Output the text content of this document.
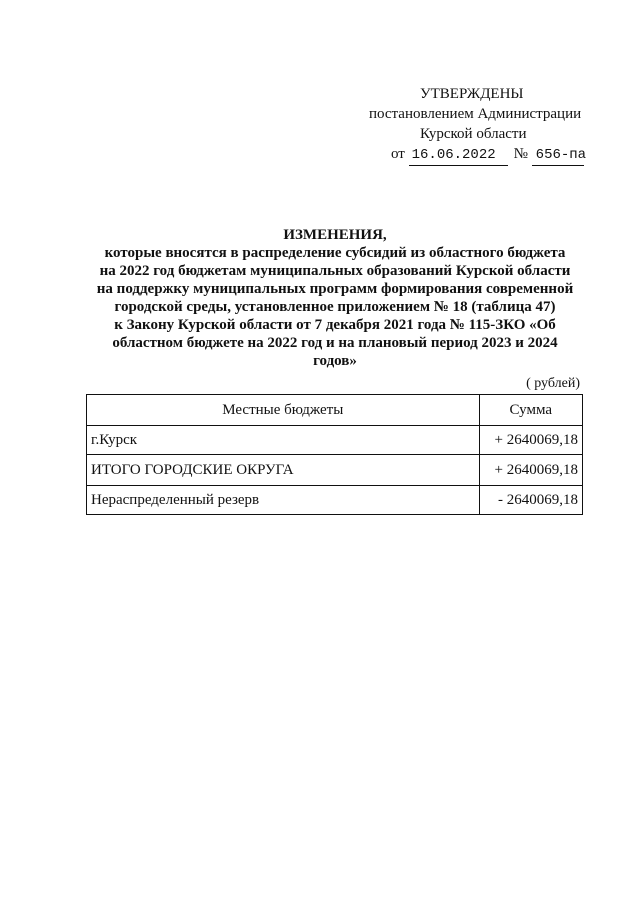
УТВЕРЖДЕНЫ
постановлением Администрации
Курской области
от 16.06.2022 № 656-па
ИЗМЕНЕНИЯ,
которые вносятся в распределение субсидий из областного бюджета
на 2022 год бюджетам муниципальных образований Курской области
на поддержку муниципальных программ формирования современной
городской среды, установленное приложением № 18 (таблица 47)
к Закону Курской области от 7 декабря 2021 года № 115-ЗКО «Об
областном бюджете на 2022 год и на плановый период 2023 и 2024
годов»
( рублей)
Местные бюджеты	Сумма
г.Курск	+ 2640069,18
ИТОГО ГОРОДСКИЕ ОКРУГА	+ 2640069,18
Нераспределенный резерв	- 2640069,18
